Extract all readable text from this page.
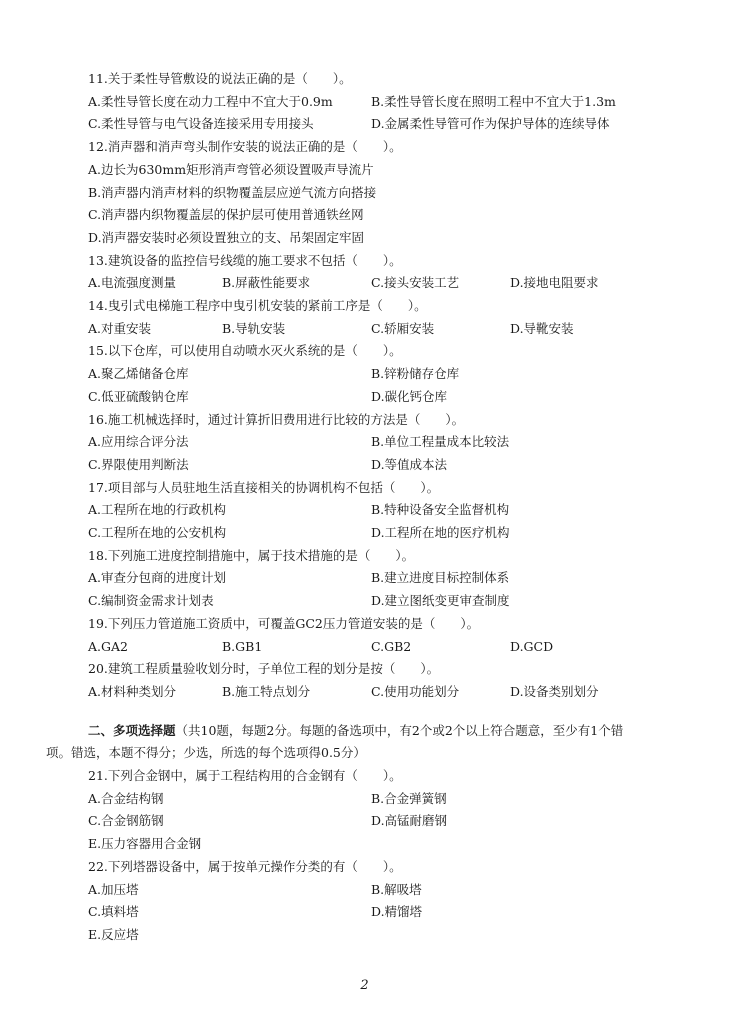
11.关于柔性导管敷设的说法正确的是（　　）。
A.柔性导管长度在动力工程中不宜大于0.9m	B.柔性导管长度在照明工程中不宜大于1.3m
C.柔性导管与电气设备连接采用专用接头	D.金属柔性导管可作为保护导体的连续导体
12.消声器和消声弯头制作安装的说法正确的是（　　）。
A.边长为630mm矩形消声弯管必须设置吸声导流片
B.消声器内消声材料的织物覆盖层应逆气流方向搭接
C.消声器内织物覆盖层的保护层可使用普通铁丝网
D.消声器安装时必须设置独立的支、吊架固定牢固
13.建筑设备的监控信号线缆的施工要求不包括（　　）。
A.电流强度测量	B.屏蔽性能要求	C.接头安装工艺	D.接地电阻要求
14.曳引式电梯施工程序中曳引机安装的紧前工序是（　　）。
A.对重安装	B.导轨安装	C.轿厢安装	D.导靴安装
15.以下仓库，可以使用自动喷水灭火系统的是（　　）。
A.聚乙烯储备仓库	B.锌粉储存仓库
C.低亚硫酸钠仓库	D.碳化钙仓库
16.施工机械选择时，通过计算折旧费用进行比较的方法是（　　）。
A.应用综合评分法	B.单位工程量成本比较法
C.界限使用判断法	D.等值成本法
17.项目部与人员驻地生活直接相关的协调机构不包括（　　）。
A.工程所在地的行政机构	B.特种设备安全监督机构
C.工程所在地的公安机构	D.工程所在地的医疗机构
18.下列施工进度控制措施中，属于技术措施的是（　　）。
A.审查分包商的进度计划	B.建立进度目标控制体系
C.编制资金需求计划表	D.建立图纸变更审查制度
19.下列压力管道施工资质中，可覆盖GC2压力管道安装的是（　　）。
A.GA2	B.GB1	C.GB2	D.GCD
20.建筑工程质量验收划分时，子单位工程的划分是按（　　）。
A.材料种类划分	B.施工特点划分	C.使用功能划分	D.设备类别划分
二、多项选择题（共10题，每题2分。每题的备选项中，有2个或2个以上符合题意，至少有1个错
项。错选，本题不得分；少选，所选的每个选项得0.5分）
21.下列合金钢中，属于工程结构用的合金钢有（　　）。
A.合金结构钢	B.合金弹簧钢
C.合金钢筋钢	D.高锰耐磨钢
E.压力容器用合金钢
22.下列塔器设备中，属于按单元操作分类的有（　　）。
A.加压塔	B.解吸塔
C.填料塔	D.精馏塔
E.反应塔
2
